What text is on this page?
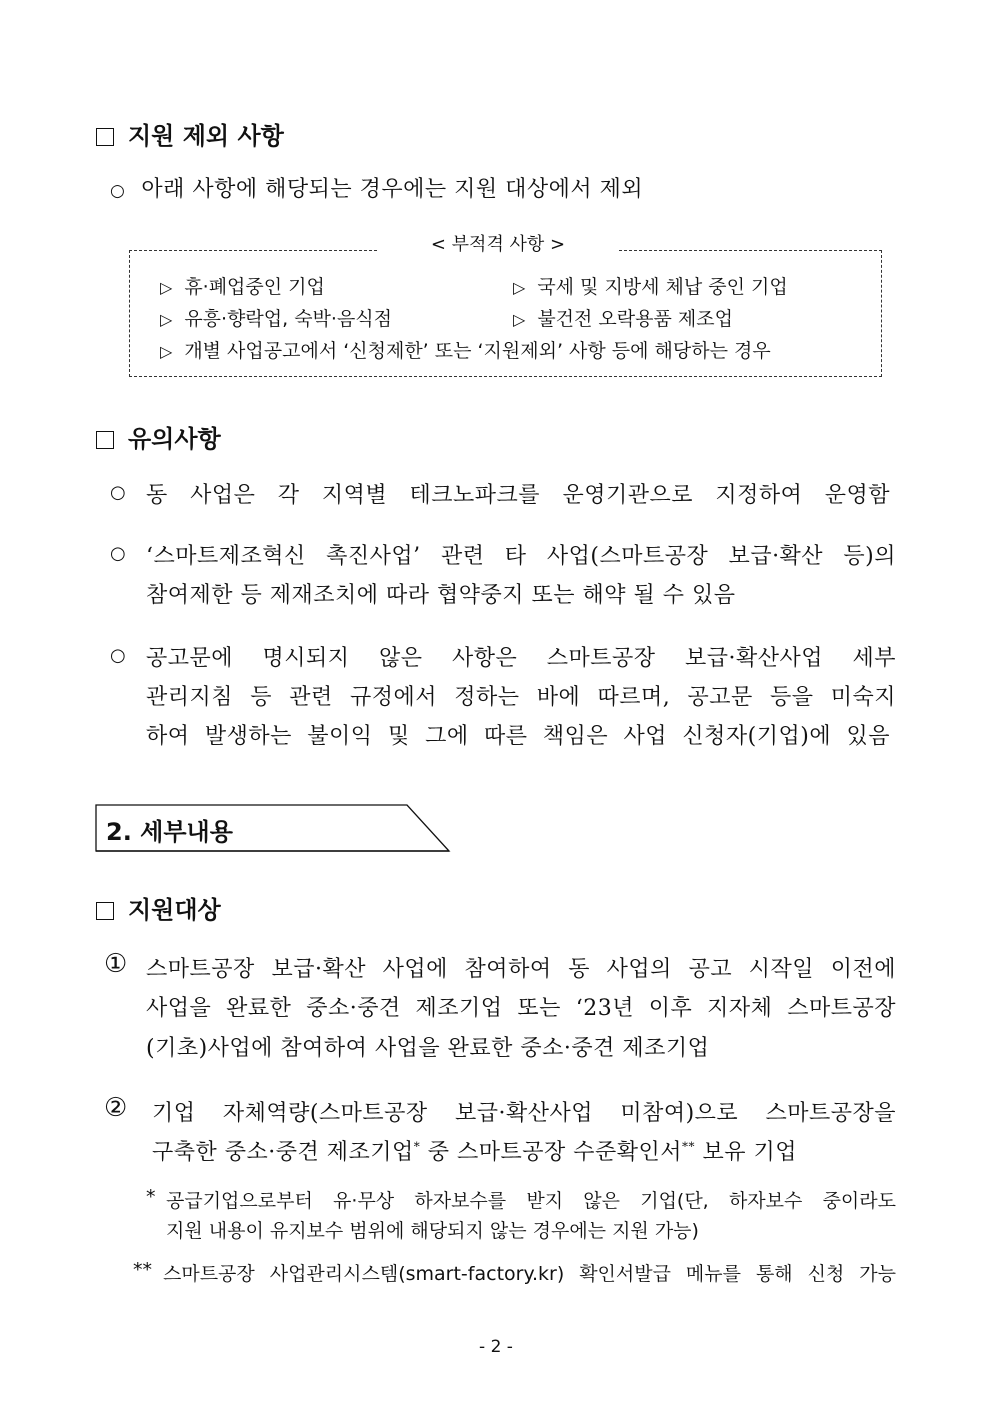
지원 제외 사항
○ 아래 사항에 해당되는 경우에는 지원 대상에서 제외
< 부적격 사항 >
▷ 휴·폐업중인 기업	▷ 국세 및 지방세 체납 중인 기업
▷ 유흥·향락업, 숙박·음식점	▷ 불건전 오락용품 제조업
▷ 개별 사업공고에서 ‘신청제한’ 또는 ‘지원제외’ 사항 등에 해당하는 경우
유의사항
○ 동 사업은 각 지역별 테크노파크를 운영기관으로 지정하여 운영함
○ ‘스마트제조혁신 촉진사업’ 관련 타 사업(스마트공장 보급·확산 등)의
참여제한 등 제재조치에 따라 협약중지 또는 해약 될 수 있음
○ 공고문에 명시되지 않은 사항은 스마트공장 보급·확산사업 세부
관리지침 등 관련 규정에서 정하는 바에 따르며, 공고문 등을 미숙지
하여 발생하는 불이익 및 그에 따른 책임은 사업 신청자(기업)에 있음
2. 세부내용
지원대상
① 스마트공장 보급·확산 사업에 참여하여 동 사업의 공고 시작일 이전에
사업을 완료한 중소·중견 제조기업 또는 ‘23년 이후 지자체 스마트공장
(기초)사업에 참여하여 사업을 완료한 중소·중견 제조기업
② 기업 자체역량(스마트공장 보급·확산사업 미참여)으로 스마트공장을
구축한 중소·중견 제조기업* 중 스마트공장 수준확인서** 보유 기업
* 공급기업으로부터 유·무상 하자보수를 받지 않은 기업(단, 하자보수 중이라도
지원 내용이 유지보수 범위에 해당되지 않는 경우에는 지원 가능)
** 스마트공장 사업관리시스템(smart-factory.kr) 확인서발급 메뉴를 통해 신청 가능
- 2 -
